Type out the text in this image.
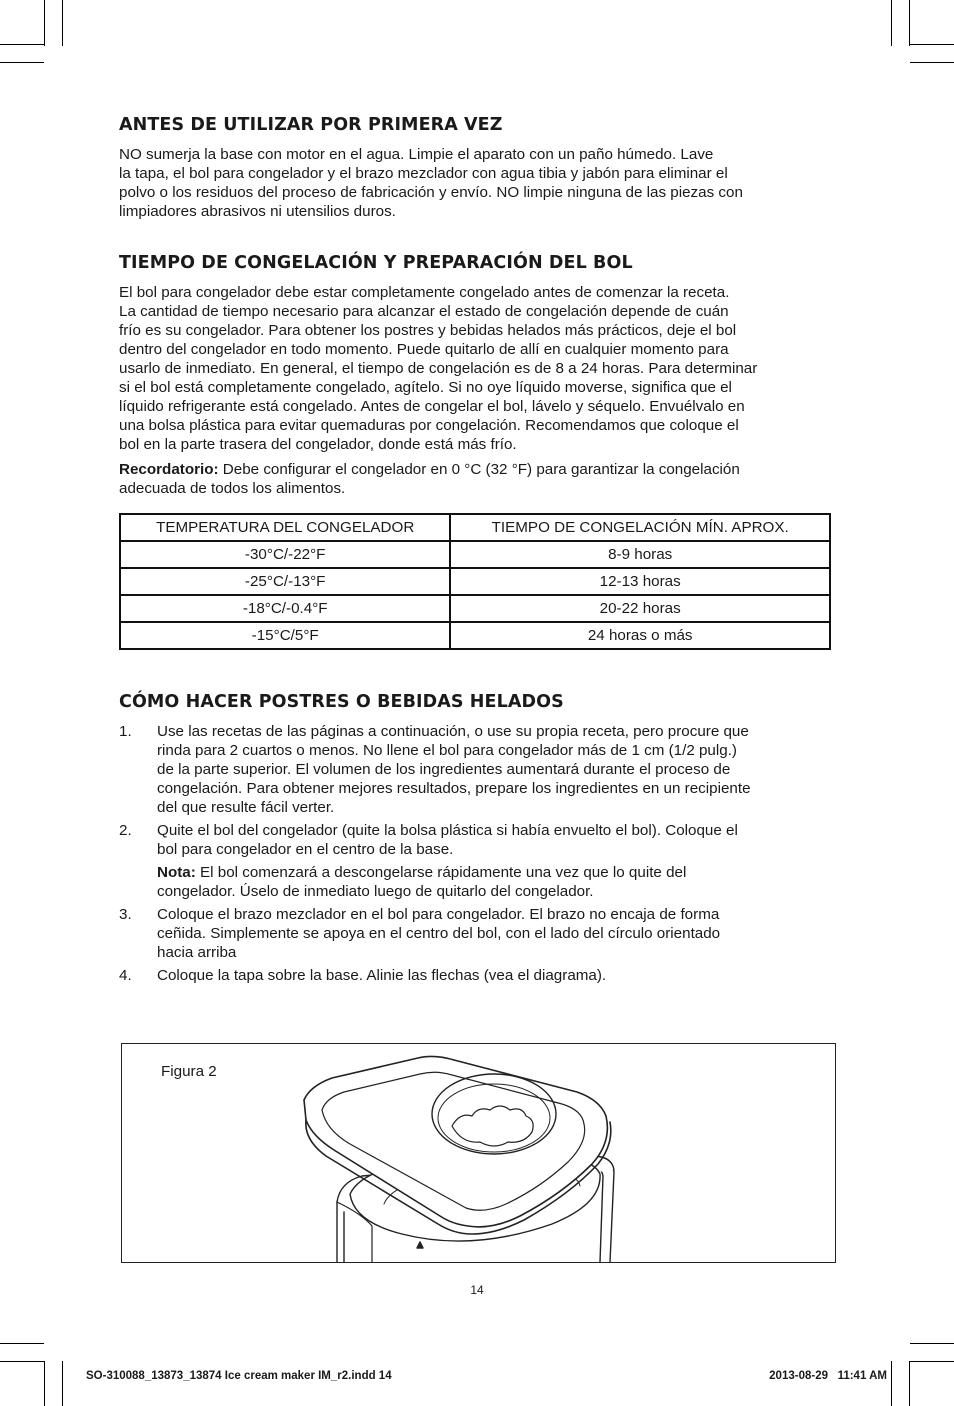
ANTES DE UTILIZAR POR PRIMERA VEZ

NO sumerja la base con motor en el agua. Limpie el aparato con un paño húmedo. Lave
la tapa, el bol para congelador y el brazo mezclador con agua tibia y jabón para eliminar el
polvo o los residuos del proceso de fabricación y envío. NO limpie ninguna de las piezas con
limpiadores abrasivos ni utensilios duros.

TIEMPO DE CONGELACIÓN Y PREPARACIÓN DEL BOL

El bol para congelador debe estar completamente congelado antes de comenzar la receta.
La cantidad de tiempo necesario para alcanzar el estado de congelación depende de cuán
frío es su congelador. Para obtener los postres y bebidas helados más prácticos, deje el bol
dentro del congelador en todo momento. Puede quitarlo de allí en cualquier momento para
usarlo de inmediato. En general, el tiempo de congelación es de 8 a 24 horas. Para determinar
si el bol está completamente congelado, agítelo. Si no oye líquido moverse, significa que el
líquido refrigerante está congelado. Antes de congelar el bol, lávelo y séquelo. Envuélvalo en
una bolsa plástica para evitar quemaduras por congelación. Recomendamos que coloque el
bol en la parte trasera del congelador, donde está más frío.

Recordatorio: Debe configurar el congelador en 0 °C (32 °F) para garantizar la congelación
adecuada de todos los alimentos.

TEMPERATURA DEL CONGELADOR	TIEMPO DE CONGELACIÓN MÍN. APROX.
-30°C/-22°F	8-9 horas
-25°C/-13°F	12-13 horas
-18°C/-0.4°F	20-22 horas
-15°C/5°F	24 horas o más
CÓMO HACER POSTRES O BEBIDAS HELADOS
1.	Use las recetas de las páginas a continuación, o use su propia receta, pero procure que
rinda para 2 cuartos o menos. No llene el bol para congelador más de 1 cm (1/2 pulg.)
de la parte superior. El volumen de los ingredientes aumentará durante el proceso de
congelación. Para obtener mejores resultados, prepare los ingredientes en un recipiente
del que resulte fácil verter.
2.	Quite el bol del congelador (quite la bolsa plástica si había envuelto el bol). Coloque el
bol para congelador en el centro de la base.
Nota: El bol comenzará a descongelarse rápidamente una vez que lo quite del
congelador. Úselo de inmediato luego de quitarlo del congelador.
3.	Coloque el brazo mezclador en el bol para congelador. El brazo no encaja de forma
ceñida. Simplemente se apoya en el centro del bol, con el lado del círculo orientado
hacia arriba
4.	Coloque la tapa sobre la base. Alinie las flechas (vea el diagrama).
Figura 2
14
SO-310088_13873_13874 Ice cream maker IM_r2.indd 14	2013-08-29   11:41 AM
